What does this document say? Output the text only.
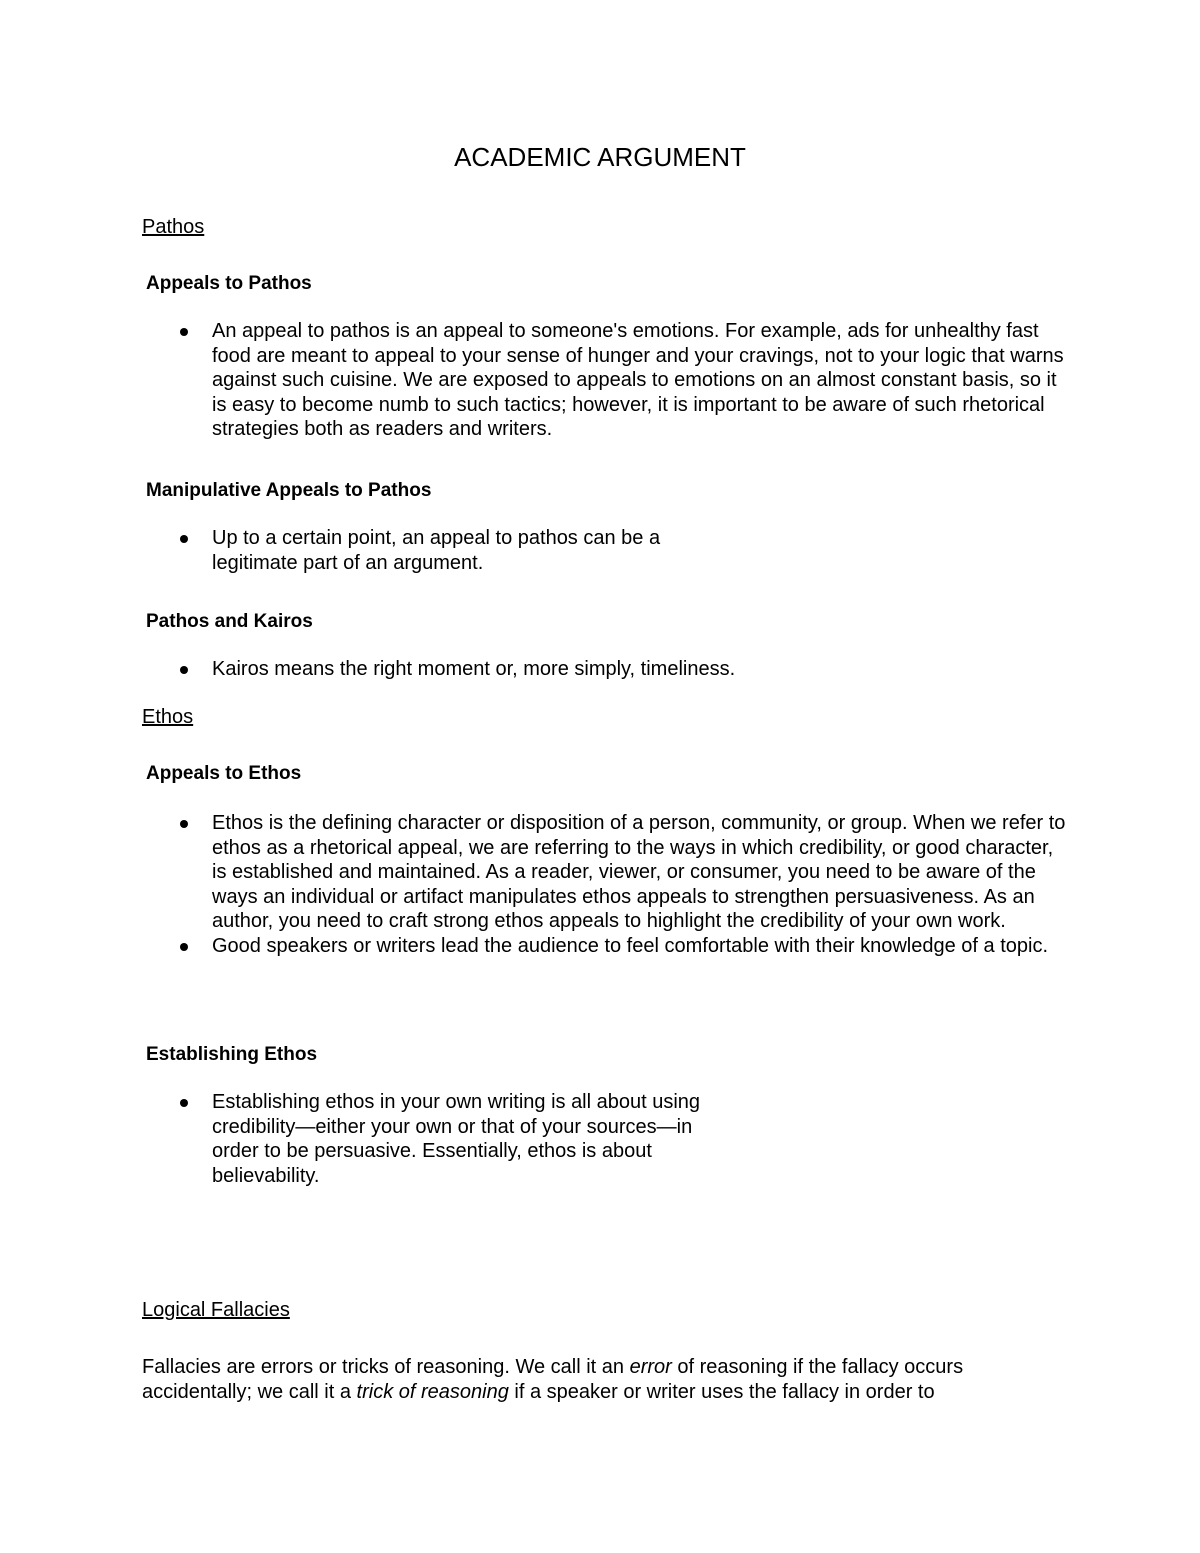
ACADEMIC ARGUMENT
Pathos
Appeals to Pathos
An appeal to pathos is an appeal to someone's emotions. For example, ads for unhealthy fast food are meant to appeal to your sense of hunger and your cravings, not to your logic that warns against such cuisine. We are exposed to appeals to emotions on an almost constant basis, so it is easy to become numb to such tactics; however, it is important to be aware of such rhetorical strategies both as readers and writers.
Manipulative Appeals to Pathos
Up to a certain point, an appeal to pathos can be a legitimate part of an argument.
Pathos and Kairos
Kairos means the right moment or, more simply, timeliness.
Ethos
Appeals to Ethos
Ethos is the defining character or disposition of a person, community, or group. When we refer to ethos as a rhetorical appeal, we are referring to the ways in which credibility, or good character, is established and maintained. As a reader, viewer, or consumer, you need to be aware of the ways an individual or artifact manipulates ethos appeals to strengthen persuasiveness. As an author, you need to craft strong ethos appeals to highlight the credibility of your own work.
Good speakers or writers lead the audience to feel comfortable with their knowledge of a topic.
Establishing Ethos
Establishing ethos in your own writing is all about using credibility—either your own or that of your sources—in order to be persuasive. Essentially, ethos is about believability.
Logical Fallacies
Fallacies are errors or tricks of reasoning. We call it an error of reasoning if the fallacy occurs accidentally; we call it a trick of reasoning if a speaker or writer uses the fallacy in order to
